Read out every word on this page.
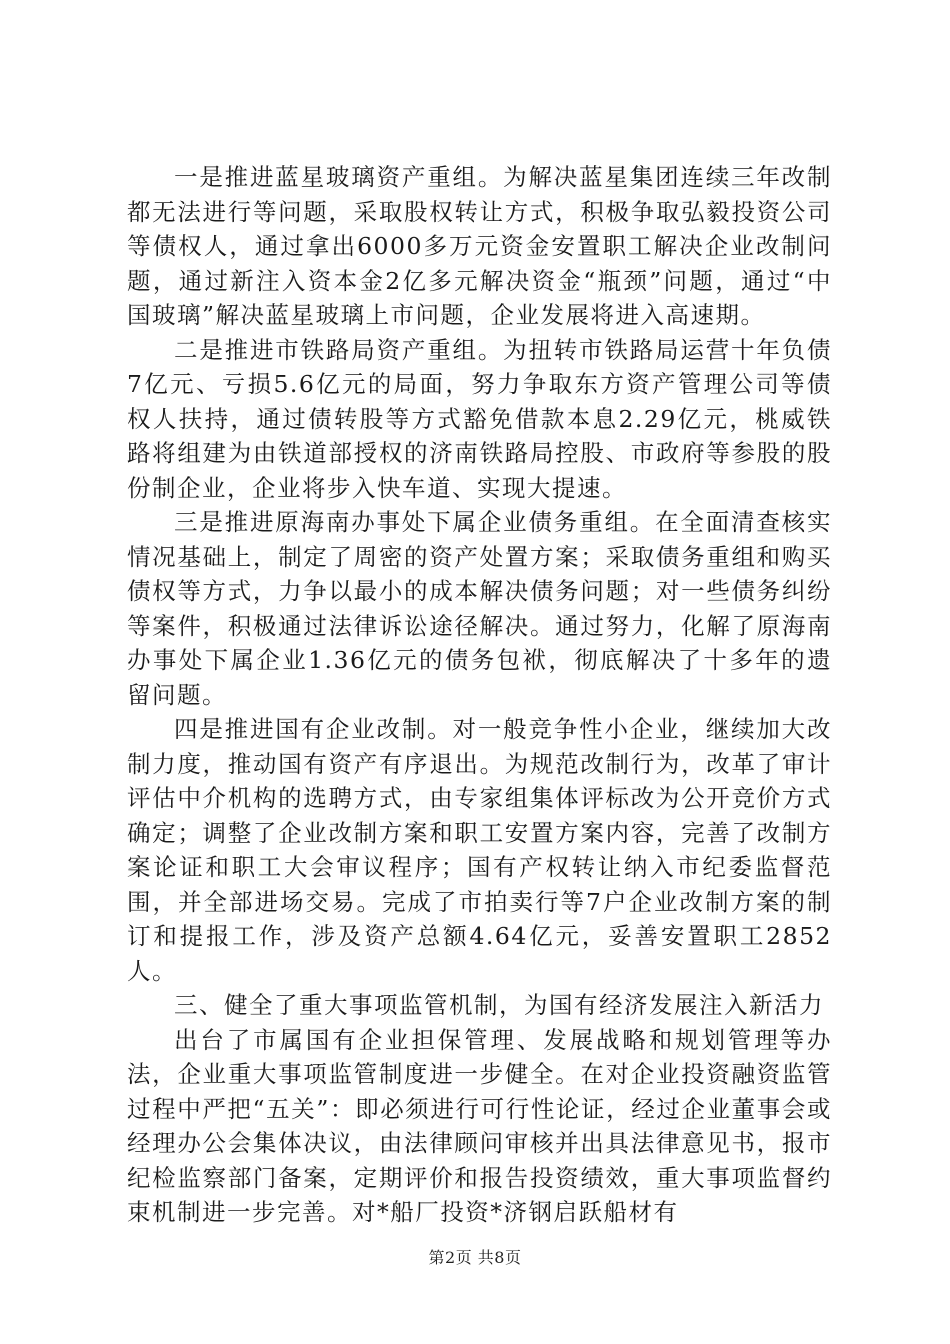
一是推进蓝星玻璃资产重组。为解决蓝星集团连续三年改制都无法进行等问题，采取股权转让方式，积极争取弘毅投资公司等债权人，通过拿出6000多万元资金安置职工解决企业改制问题，通过新注入资本金2亿多元解决资金“瓶颈”问题，通过“中国玻璃”解决蓝星玻璃上市问题，企业发展将进入高速期。

二是推进市铁路局资产重组。为扭转市铁路局运营十年负债7亿元、亏损5.6亿元的局面，努力争取东方资产管理公司等债权人扶持，通过债转股等方式豁免借款本息2.29亿元，桃威铁路将组建为由铁道部授权的济南铁路局控股、市政府等参股的股份制企业，企业将步入快车道、实现大提速。

三是推进原海南办事处下属企业债务重组。在全面清查核实情况基础上，制定了周密的资产处置方案；采取债务重组和购买债权等方式，力争以最小的成本解决债务问题；对一些债务纠纷等案件，积极通过法律诉讼途径解决。通过努力，化解了原海南办事处下属企业1.36亿元的债务包袱，彻底解决了十多年的遗留问题。

四是推进国有企业改制。对一般竞争性小企业，继续加大改制力度，推动国有资产有序退出。为规范改制行为，改革了审计评估中介机构的选聘方式，由专家组集体评标改为公开竞价方式确定；调整了企业改制方案和职工安置方案内容，完善了改制方案论证和职工大会审议程序；国有产权转让纳入市纪委监督范围，并全部进场交易。完成了市拍卖行等7户企业改制方案的制订和提报工作，涉及资产总额4.64亿元，妥善安置职工2852人。

三、健全了重大事项监管机制，为国有经济发展注入新活力

出台了市属国有企业担保管理、发展战略和规划管理等办法，企业重大事项监管制度进一步健全。在对企业投资融资监管过程中严把“五关”：即必须进行可行性论证，经过企业董事会或经理办公会集体决议，由法律顾问审核并出具法律意见书，报市纪检监察部门备案，定期评价和报告投资绩效，重大事项监督约束机制进一步完善。对*船厂投资*济钢启跃船材有

第2页 共8页
